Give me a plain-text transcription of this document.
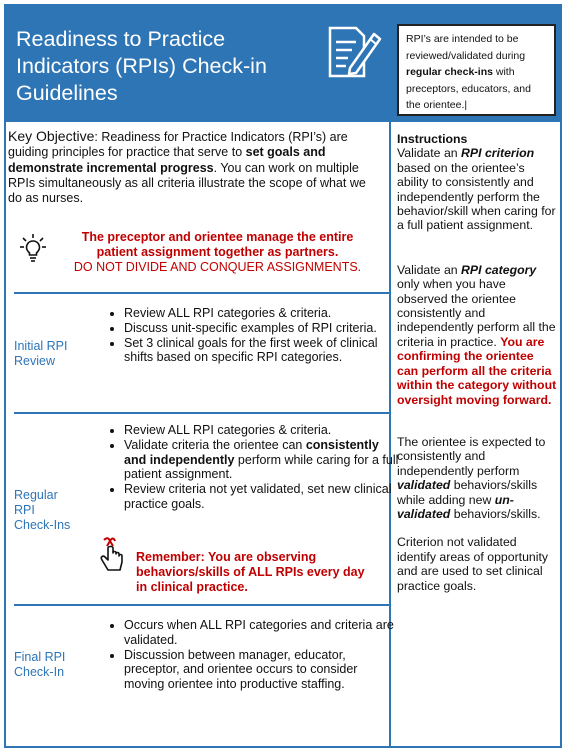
Readiness to Practice
Indicators (RPIs) Check-in
Guidelines
RPI’s are intended to be reviewed/validated during regular check-ins with preceptors, educators, and the orientee.|
Key Objective: Readiness for Practice Indicators (RPI’s) are guiding principles for practice that serve to set goals and demonstrate incremental progress. You can work on multiple RPIs simultaneously as all criteria illustrate the scope of what we do as nurses.
The preceptor and orientee manage the entire patient assignment together as partners.
DO NOT DIVIDE AND CONQUER ASSIGNMENTS.
Initial RPI
Review
• Review ALL RPI categories & criteria.
• Discuss unit-specific examples of RPI criteria.
• Set 3 clinical goals for the first week of clinical shifts based on specific RPI categories.
Regular
RPI
Check-Ins
• Review ALL RPI categories & criteria.
• Validate criteria the orientee can consistently and independently perform while caring for a full patient assignment.
• Review criteria not yet validated, set new clinical practice goals.
Remember: You are observing behaviors/skills of ALL RPIs every day in clinical practice.
Final RPI
Check-In
• Occurs when ALL RPI categories and criteria are validated.
• Discussion between manager, educator, preceptor, and orientee occurs to consider moving orientee into productive staffing.

Instructions
Validate an RPI criterion based on the orientee’s ability to consistently and independently perform the behavior/skill when caring for a full patient assignment.

Validate an RPI category only when you have observed the orientee consistently and independently perform all the criteria in practice. You are confirming the orientee can perform all the criteria within the category without oversight moving forward.

The orientee is expected to consistently and independently perform validated behaviors/skills while adding new un-validated behaviors/skills.

Criterion not validated identify areas of opportunity and are used to set clinical practice goals.
